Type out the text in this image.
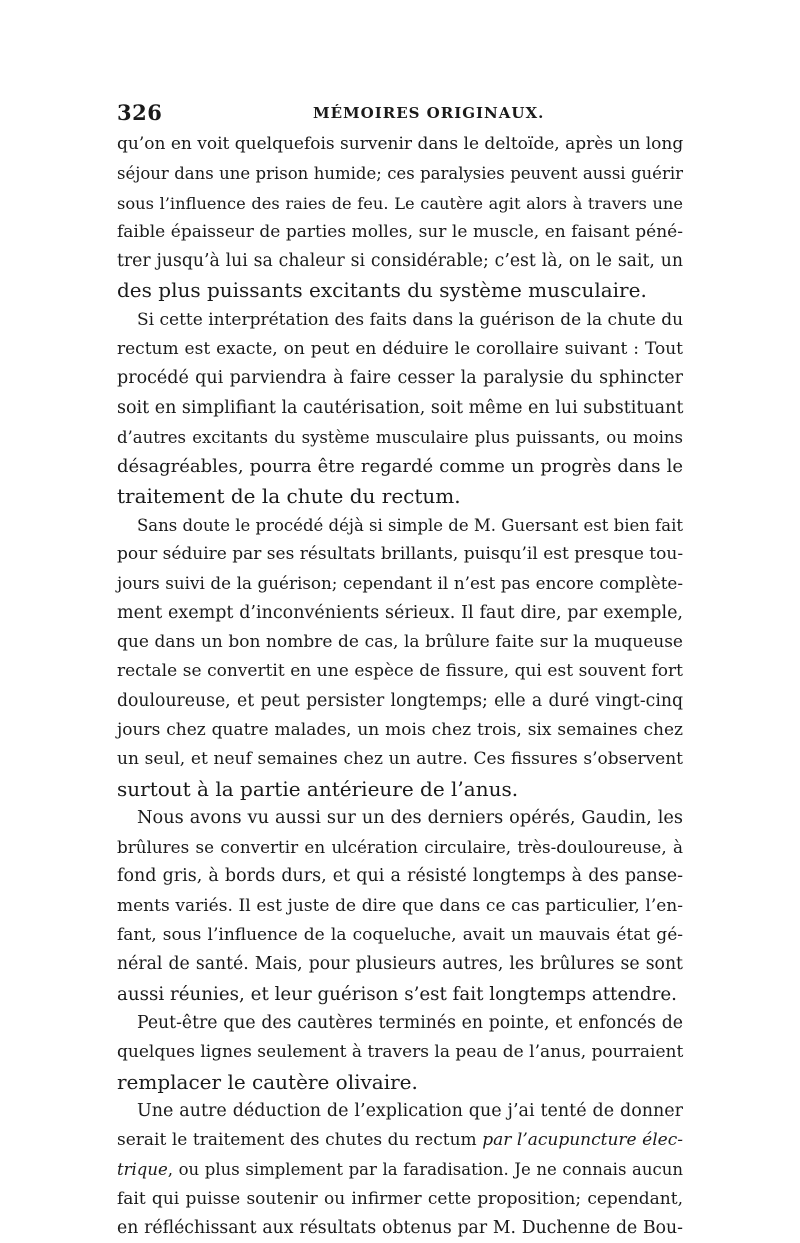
326	MÉMOIRES ORIGINAUX.
qu’on en voit quelquefois survenir dans le deltoïde, après un long
séjour dans une prison humide; ces paralysies peuvent aussi guérir
sous l’influence des raies de feu. Le cautère agit alors à travers une
faible épaisseur de parties molles, sur le muscle, en faisant péné-
trer jusqu’à lui sa chaleur si considérable; c’est là, on le sait, un
des plus puissants excitants du système musculaire.
Si cette interprétation des faits dans la guérison de la chute du
rectum est exacte, on peut en déduire le corollaire suivant : Tout
procédé qui parviendra à faire cesser la paralysie du sphincter
soit en simplifiant la cautérisation, soit même en lui substituant
d’autres excitants du système musculaire plus puissants, ou moins
désagréables, pourra être regardé comme un progrès dans le
traitement de la chute du rectum.
Sans doute le procédé déjà si simple de M. Guersant est bien fait
pour séduire par ses résultats brillants, puisqu’il est presque tou-
jours suivi de la guérison; cependant il n’est pas encore complète-
ment exempt d’inconvénients sérieux. Il faut dire, par exemple,
que dans un bon nombre de cas, la brûlure faite sur la muqueuse
rectale se convertit en une espèce de fissure, qui est souvent fort
douloureuse, et peut persister longtemps; elle a duré vingt-cinq
jours chez quatre malades, un mois chez trois, six semaines chez
un seul, et neuf semaines chez un autre. Ces fissures s’observent
surtout à la partie antérieure de l’anus.
Nous avons vu aussi sur un des derniers opérés, Gaudin, les
brûlures se convertir en ulcération circulaire, très-douloureuse, à
fond gris, à bords durs, et qui a résisté longtemps à des panse-
ments variés. Il est juste de dire que dans ce cas particulier, l’en-
fant, sous l’influence de la coqueluche, avait un mauvais état gé-
néral de santé. Mais, pour plusieurs autres, les brûlures se sont
aussi réunies, et leur guérison s’est fait longtemps attendre.
Peut-être que des cautères terminés en pointe, et enfoncés de
quelques lignes seulement à travers la peau de l’anus, pourraient
remplacer le cautère olivaire.
Une autre déduction de l’explication que j’ai tenté de donner
serait le traitement des chutes du rectum par l’acupuncture élec-
trique, ou plus simplement par la faradisation. Je ne connais aucun
fait qui puisse soutenir ou infirmer cette proposition; cependant,
en réfléchissant aux résultats obtenus par M. Duchenne de Bou-
